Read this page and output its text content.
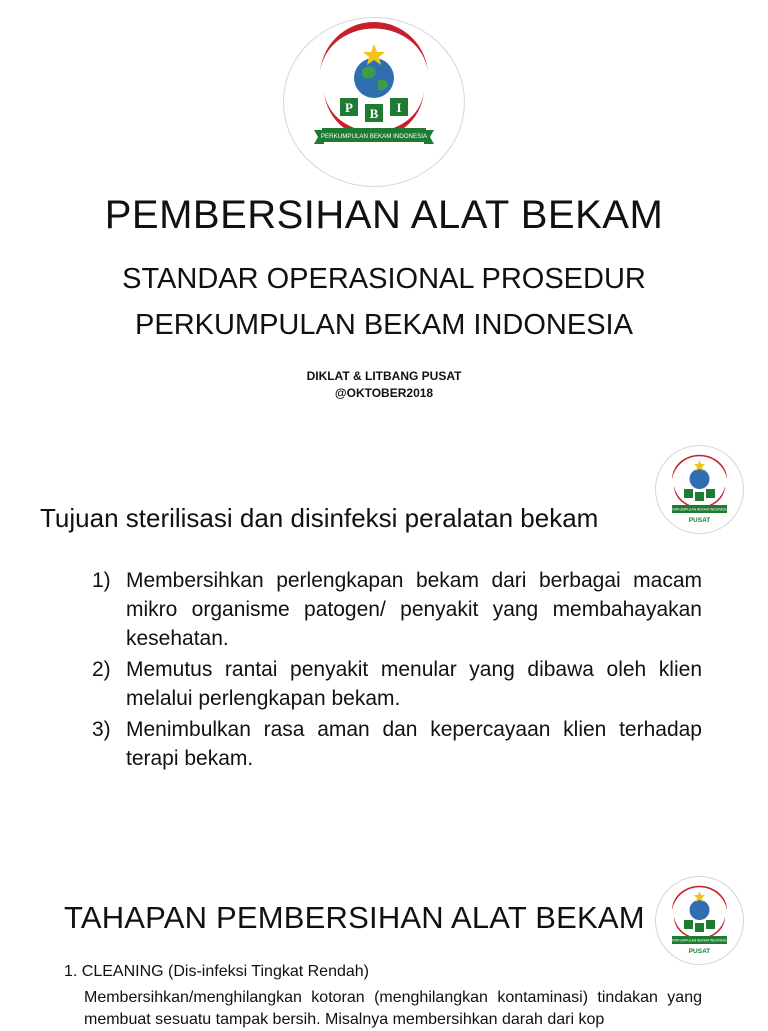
P B I
PERKUMPULAN BEKAM INDONESIA
PEMBERSIHAN ALAT BEKAM
STANDAR OPERASIONAL PROSEDUR
PERKUMPULAN BEKAM INDONESIA
DIKLAT & LITBANG PUSAT
@OKTOBER2018
PERKUMPULAN BEKAM INDONESIA
PUSAT
Tujuan sterilisasi dan disinfeksi peralatan bekam
1) Membersihkan perlengkapan bekam dari berbagai macam mikro organisme patogen/ penyakit yang membahayakan kesehatan.
2) Memutus rantai penyakit menular yang dibawa oleh klien melalui perlengkapan bekam.
3) Menimbulkan rasa aman dan kepercayaan klien terhadap terapi bekam.
PERKUMPULAN BEKAM INDONESIA
PUSAT
TAHAPAN PEMBERSIHAN ALAT BEKAM
1. CLEANING (Dis-infeksi Tingkat Rendah)
Membersihkan/menghilangkan kotoran (menghilangkan kontaminasi) tindakan yang membuat sesuatu tampak bersih. Misalnya membersihkan darah dari kop
